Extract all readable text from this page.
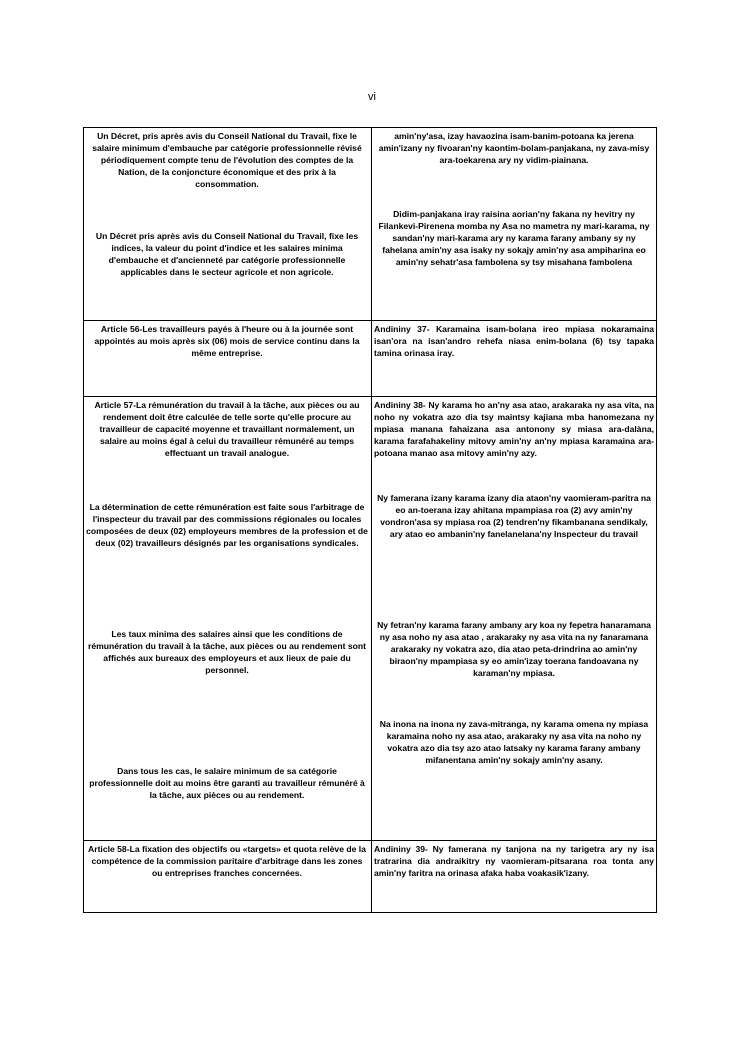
vi

Un Décret, pris après avis du Conseil National du Travail, fixe le salaire minimum d'embauche par catégorie professionnelle révisé périodiquement compte tenu de l'évolution des comptes de la Nation, de la conjoncture économique et des prix à la consommation.

Un Décret pris après avis du Conseil National du Travail, fixe les indices, la valeur du point d'indice et les salaires minima d'embauche et d'ancienneté par catégorie professionnelle applicables dans le secteur agricole et non agricole.

amin'ny'asa, izay havaozina isam-banim-potoana ka jerena amin'izany ny fivoaran'ny kaontim-bolam-panjakana, ny zava-misy ara-toekarena ary ny vidim-piainana.

Didim-panjakana iray raisina aorian'ny fakana ny hevitry ny Filankevi-Pirenena momba ny Asa no mametra ny mari-karama, ny sandan'ny mari-karama ary ny karama farany ambany sy ny fahelana amin'ny asa isaky ny sokajy amin'ny asa ampiharina eo amin'ny sehatr'asa fambolena sy tsy misahana fambolena

Article 56-Les travailleurs payés à l'heure ou à la journée sont appointés au mois après six (06) mois de service continu dans la même entreprise.

Andininy 37- Karamaina isam-bolana ireo mpiasa nokaramaina isan'ora na isan'andro rehefa niasa enim-bolana (6) tsy tapaka tamina orinasa iray.

Article 57-La rémunération du travail à la tâche, aux pièces ou au rendement doit être calculée de telle sorte qu'elle procure au travailleur de capacité moyenne et travaillant normalement, un salaire au moins égal à celui du travailleur rémunéré au temps effectuant un travail analogue.

La détermination de cette rémunération est faite sous l'arbitrage de l'inspecteur du travail par des commissions régionales ou locales composées de deux (02) employeurs membres de la profession et de deux (02) travailleurs désignés par les organisations syndicales.

Les taux minima des salaires ainsi que les conditions de rémunération du travail à la tâche, aux pièces ou au rendement sont affichés aux bureaux des employeurs et aux lieux de paie du personnel.

Dans tous les cas, le salaire minimum de sa catégorie professionnelle doit au moins être garanti au travailleur rémunéré à la tâche, aux pièces ou au rendement.

Andininy 38- Ny karama ho an'ny asa atao, arakaraka ny asa vita, na noho ny vokatra azo dia tsy maintsy kajiana mba hanomezana ny mpiasa manana fahaizana asa antonony sy miasa ara-dalàna, karama farafahakeliny mitovy amin'ny an'ny mpiasa karamaina ara-potoana manao asa mitovy amin'ny azy.

Ny famerana izany karama izany dia ataon'ny vaomieram-paritra na eo an-toerana izay ahitana mpampiasa roa (2) avy amin'ny vondron'asa sy mpiasa roa (2) tendren'ny fikambanana sendikaly, ary atao eo ambanin'ny fanelanelana'ny Inspecteur du travail

Ny fetran'ny karama farany ambany ary koa ny fepetra hanaramana ny asa noho ny asa atao , arakaraky ny asa vita na ny fanaramana arakaraky ny vokatra azo, dia atao peta-drindrina ao amin'ny biraon'ny mpampiasa sy eo amin'izay toerana fandoavana ny karaman'ny mpiasa.

Na inona na inona ny zava-mitranga, ny karama omena ny mpiasa karamaina noho ny asa atao, arakaraky ny asa vita na noho ny vokatra azo dia tsy azo atao latsaky ny karama farany ambany mifanentana amin'ny sokajy amin'ny asany.

Article 58-La fixation des objectifs ou «targets» et quota relève de la compétence de la commission paritaire d'arbitrage dans les zones ou entreprises franches concernées.

Andininy 39- Ny famerana ny tanjona na ny tarigetra ary ny isa tratrarina dia andraikitry ny vaomieram-pitsarana roa tonta any amin'ny faritra na orinasa afaka haba voakasik'izany.
